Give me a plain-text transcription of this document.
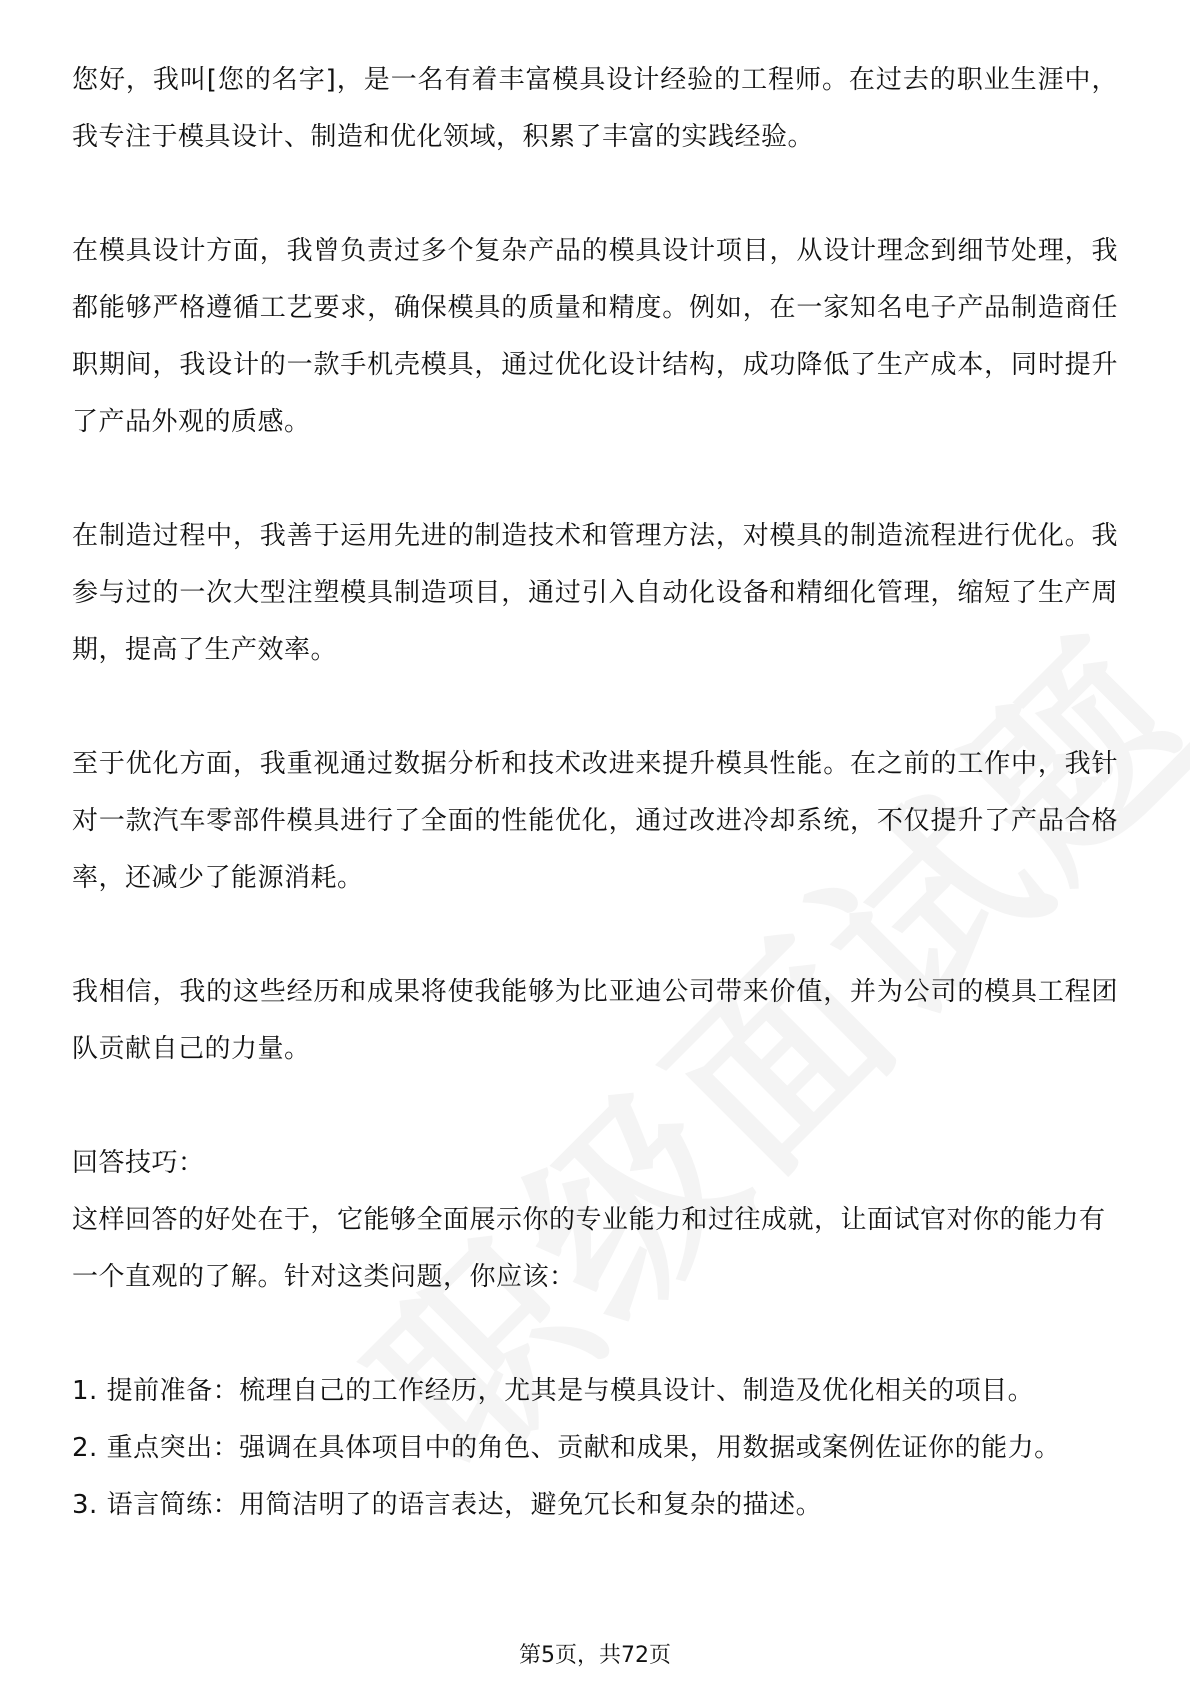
您好，我叫[您的名字]，是一名有着丰富模具设计经验的工程师。在过去的职业生涯中，我专注于模具设计、制造和优化领域，积累了丰富的实践经验。

在模具设计方面，我曾负责过多个复杂产品的模具设计项目，从设计理念到细节处理，我都能够严格遵循工艺要求，确保模具的质量和精度。例如，在一家知名电子产品制造商任职期间，我设计的一款手机壳模具，通过优化设计结构，成功降低了生产成本，同时提升了产品外观的质感。

在制造过程中，我善于运用先进的制造技术和管理方法，对模具的制造流程进行优化。我参与过的一次大型注塑模具制造项目，通过引入自动化设备和精细化管理，缩短了生产周期，提高了生产效率。

至于优化方面，我重视通过数据分析和技术改进来提升模具性能。在之前的工作中，我针对一款汽车零部件模具进行了全面的性能优化，通过改进冷却系统，不仅提升了产品合格率，还减少了能源消耗。

我相信，我的这些经历和成果将使我能够为比亚迪公司带来价值，并为公司的模具工程团队贡献自己的力量。

回答技巧：

这样回答的好处在于，它能够全面展示你的专业能力和过往成就，让面试官对你的能力有一个直观的了解。针对这类问题，你应该：

1. 提前准备：梳理自己的工作经历，尤其是与模具设计、制造及优化相关的项目。

2. 重点突出：强调在具体项目中的角色、贡献和成果，用数据或案例佐证你的能力。

3. 语言简练：用简洁明了的语言表达，避免冗长和复杂的描述。

第5页，共72页
